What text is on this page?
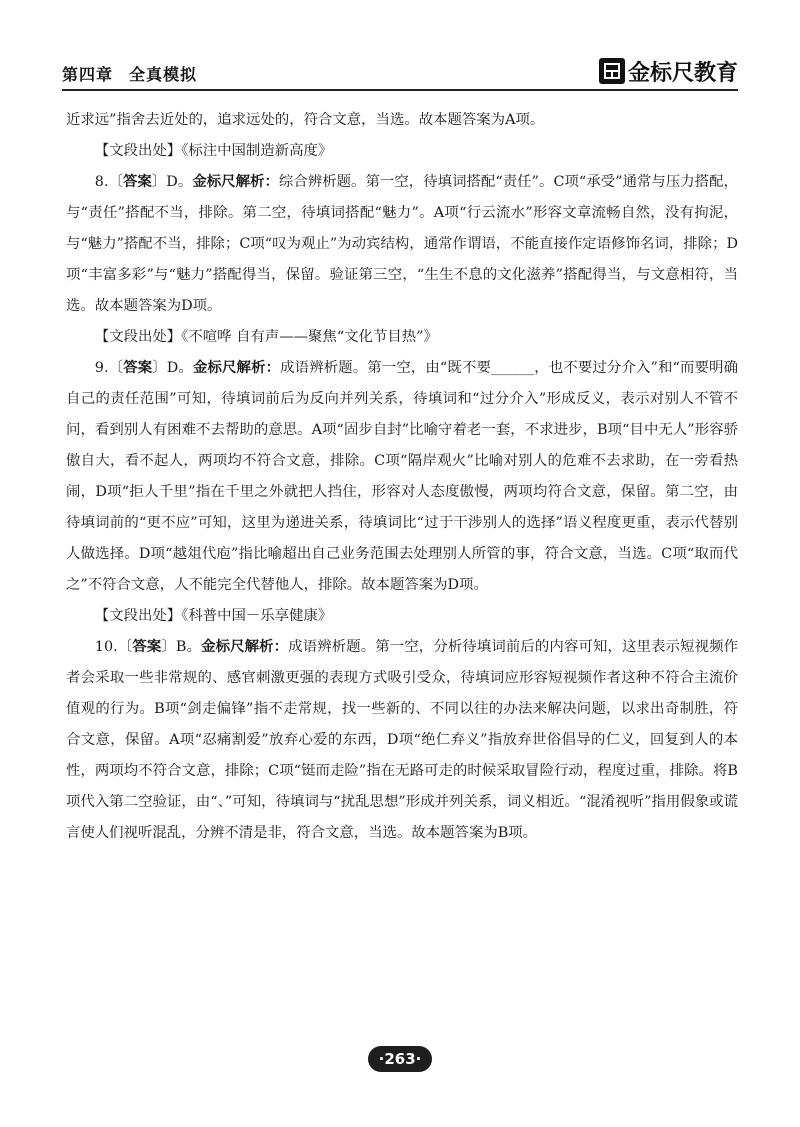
第四章 全真模拟	金标尺教育

近求远”指舍去近处的，追求远处的，符合文意，当选。故本题答案为A项。

【文段出处】《标注中国制造新高度》

8.〔答案〕D。金标尺解析：综合辨析题。第一空，待填词搭配“责任”。C项“承受”通常与压力搭配，与“责任”搭配不当，排除。第二空，待填词搭配“魅力”。A项“行云流水”形容文章流畅自然，没有拘泥，与“魅力”搭配不当，排除；C项“叹为观止”为动宾结构，通常作谓语，不能直接作定语修饰名词，排除；D项“丰富多彩”与“魅力”搭配得当，保留。验证第三空，“生生不息的文化滋养”搭配得当，与文意相符，当选。故本题答案为D项。

【文段出处】《不喧哗 自有声——聚焦“文化节目热”》

9.〔答案〕D。金标尺解析：成语辨析题。第一空，由“既不要______，也不要过分介入”和“而要明确自己的责任范围”可知，待填词前后为反向并列关系，待填词和“过分介入”形成反义，表示对别人不管不问，看到别人有困难不去帮助的意思。A项“固步自封”比喻守着老一套，不求进步，B项“目中无人”形容骄傲自大，看不起人，两项均不符合文意，排除。C项“隔岸观火”比喻对别人的危难不去求助，在一旁看热闹，D项“拒人千里”指在千里之外就把人挡住，形容对人态度傲慢，两项均符合文意，保留。第二空，由待填词前的“更不应”可知，这里为递进关系，待填词比“过于干涉别人的选择”语义程度更重，表示代替别人做选择。D项“越俎代庖”指比喻超出自己业务范围去处理别人所管的事，符合文意，当选。C项“取而代之”不符合文意，人不能完全代替他人，排除。故本题答案为D项。

【文段出处】《科普中国－乐享健康》

10.〔答案〕B。金标尺解析：成语辨析题。第一空，分析待填词前后的内容可知，这里表示短视频作者会采取一些非常规的、感官刺激更强的表现方式吸引受众，待填词应形容短视频作者这种不符合主流价值观的行为。B项“剑走偏锋”指不走常规，找一些新的、不同以往的办法来解决问题，以求出奇制胜，符合文意，保留。A项“忍痛割爱”放弃心爱的东西，D项“绝仁弃义”指放弃世俗倡导的仁义，回复到人的本性，两项均不符合文意，排除；C项“铤而走险”指在无路可走的时候采取冒险行动，程度过重，排除。将B项代入第二空验证，由“、”可知，待填词与“扰乱思想”形成并列关系，词义相近。“混淆视听”指用假象或谎言使人们视听混乱，分辨不清是非，符合文意，当选。故本题答案为B项。

·263·
